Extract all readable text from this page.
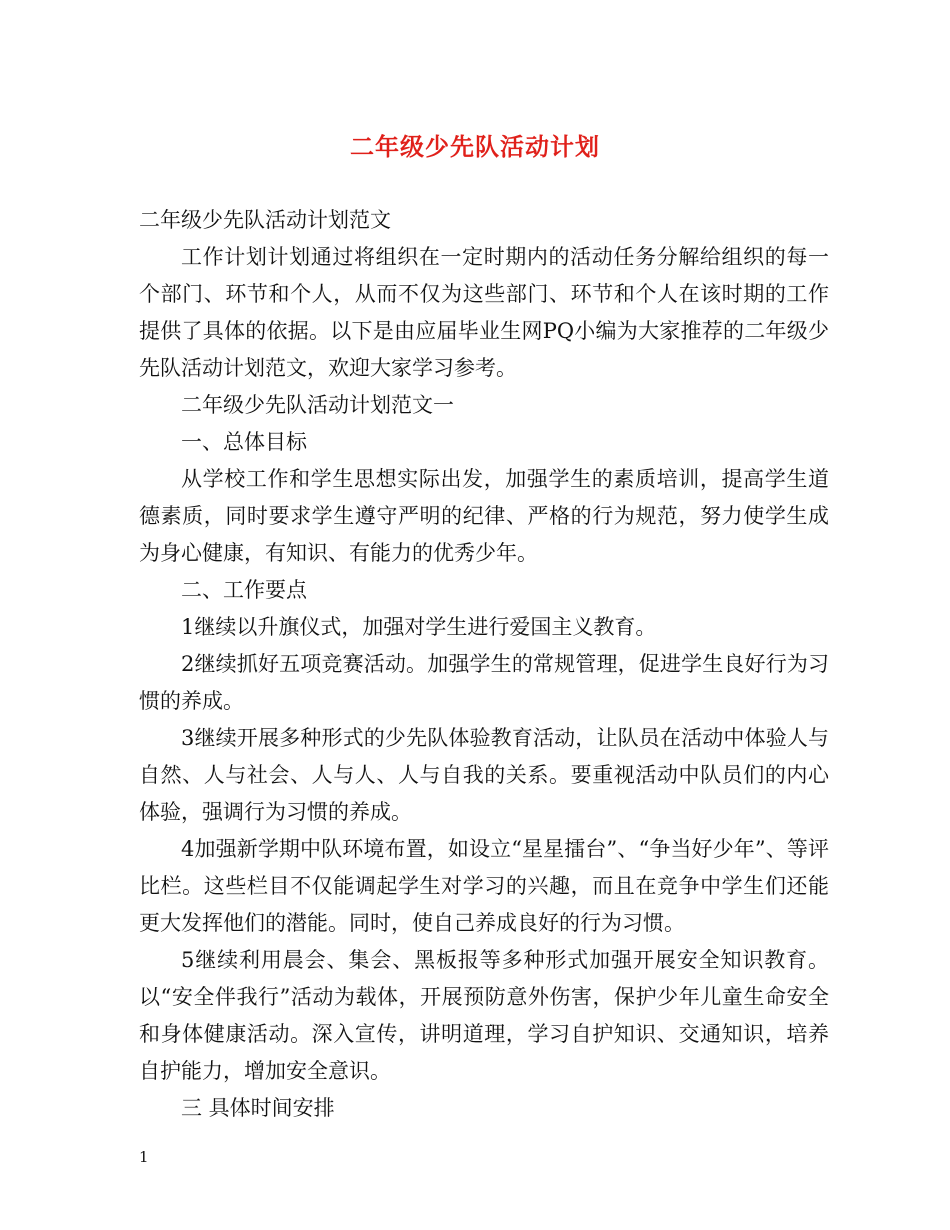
二年级少先队活动计划

二年级少先队活动计划范文

工作计划计划通过将组织在一定时期内的活动任务分解给组织的每一个部门、环节和个人，从而不仅为这些部门、环节和个人在该时期的工作提供了具体的依据。以下是由应届毕业生网PQ小编为大家推荐的二年级少先队活动计划范文，欢迎大家学习参考。

二年级少先队活动计划范文一

一、总体目标

从学校工作和学生思想实际出发，加强学生的素质培训，提高学生道德素质，同时要求学生遵守严明的纪律、严格的行为规范，努力使学生成为身心健康，有知识、有能力的优秀少年。

二、工作要点

1继续以升旗仪式，加强对学生进行爱国主义教育。

2继续抓好五项竞赛活动。加强学生的常规管理，促进学生良好行为习惯的养成。

3继续开展多种形式的少先队体验教育活动，让队员在活动中体验人与自然、人与社会、人与人、人与自我的关系。要重视活动中队员们的内心体验，强调行为习惯的养成。

4加强新学期中队环境布置，如设立“星星擂台”、“争当好少年”、等评比栏。这些栏目不仅能调起学生对学习的兴趣，而且在竞争中学生们还能更大发挥他们的潜能。同时，使自己养成良好的行为习惯。

5继续利用晨会、集会、黑板报等多种形式加强开展安全知识教育。以“安全伴我行”活动为载体，开展预防意外伤害，保护少年儿童生命安全和身体健康活动。深入宣传，讲明道理，学习自护知识、交通知识，培养自护能力，增加安全意识。

三 具体时间安排

1
